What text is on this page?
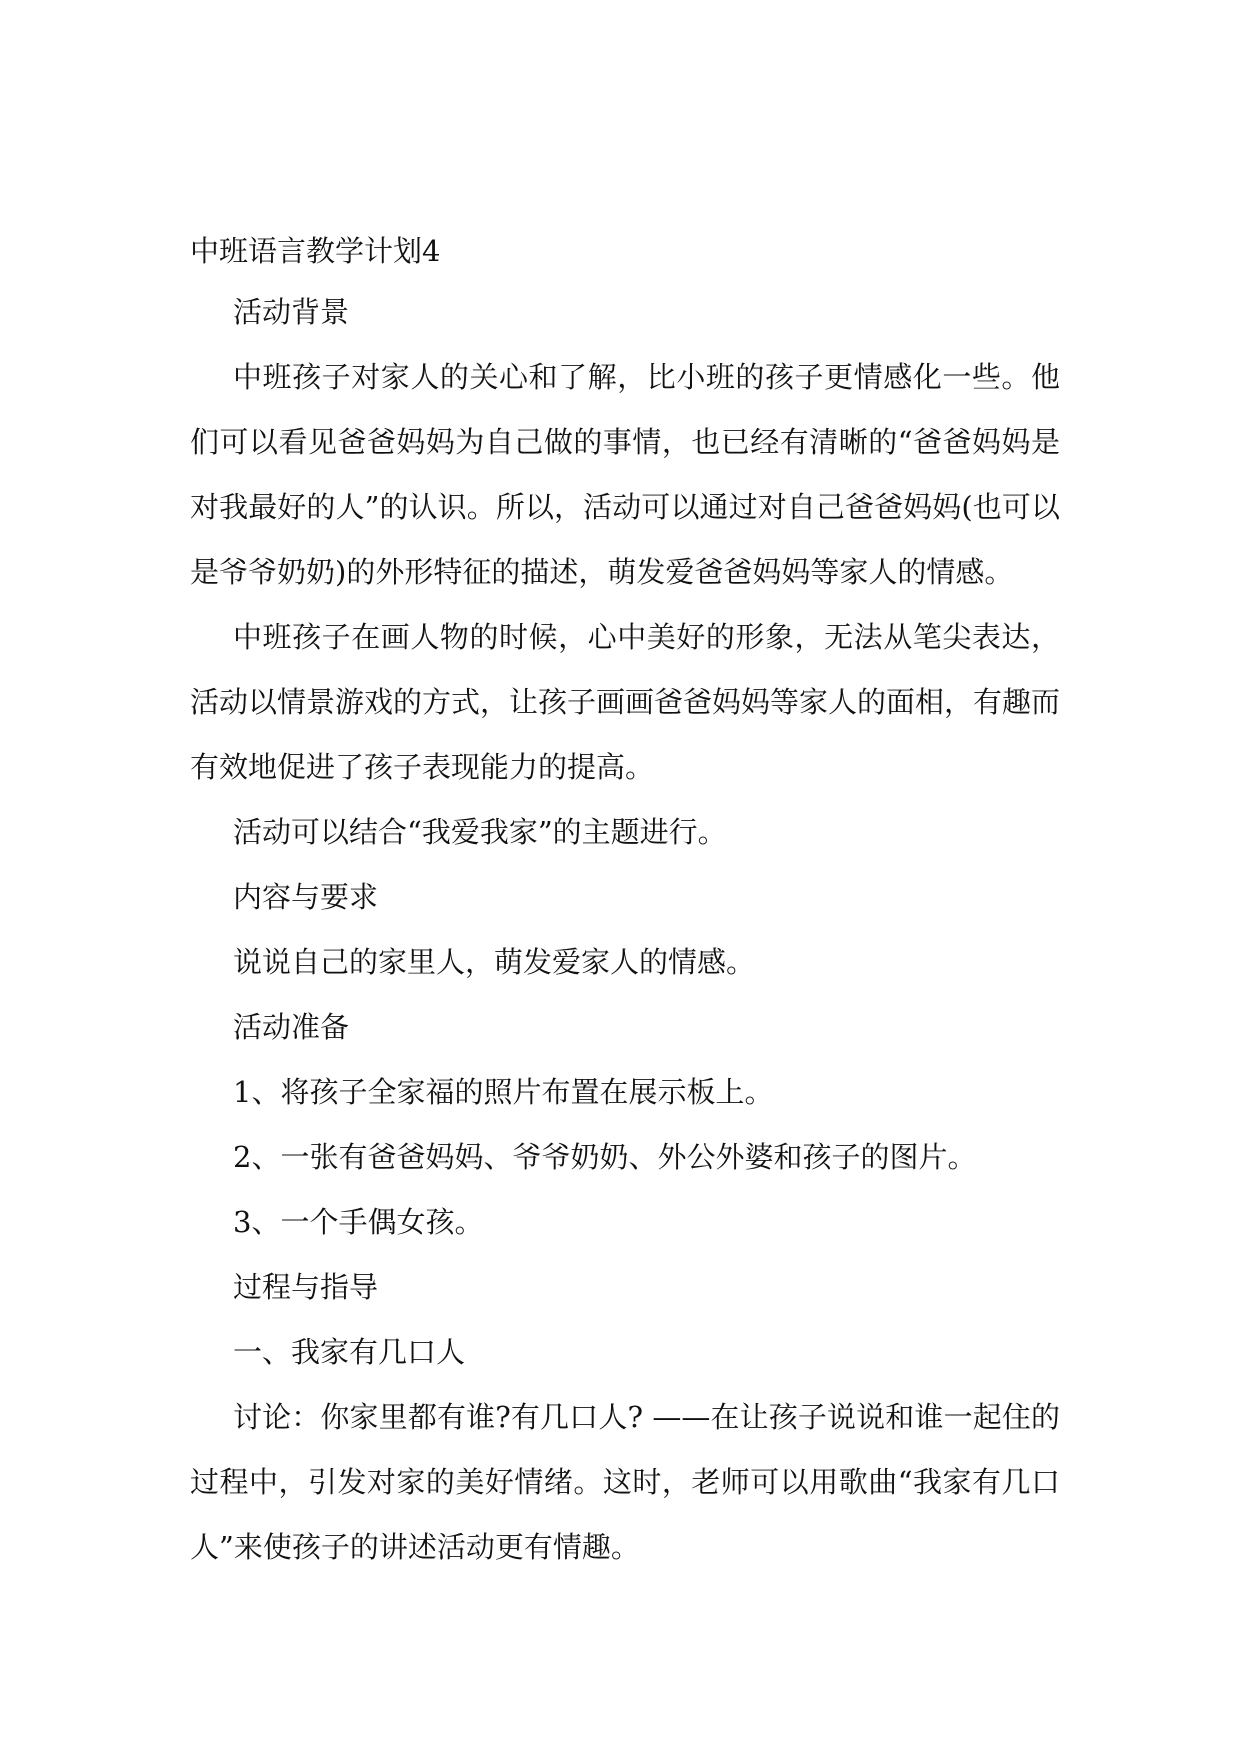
中班语言教学计划4

活动背景

中班孩子对家人的关心和了解，比小班的孩子更情感化一些。他们可以看见爸爸妈妈为自己做的事情，也已经有清晰的“爸爸妈妈是对我最好的人”的认识。所以，活动可以通过对自己爸爸妈妈(也可以是爷爷奶奶)的外形特征的描述，萌发爱爸爸妈妈等家人的情感。

中班孩子在画人物的时候，心中美好的形象，无法从笔尖表达，活动以情景游戏的方式，让孩子画画爸爸妈妈等家人的面相，有趣而有效地促进了孩子表现能力的提高。

活动可以结合“我爱我家”的主题进行。

内容与要求

说说自己的家里人，萌发爱家人的情感。

活动准备

1、将孩子全家福的照片布置在展示板上。

2、一张有爸爸妈妈、爷爷奶奶、外公外婆和孩子的图片。

3、一个手偶女孩。

过程与指导

一、我家有几口人

讨论：你家里都有谁?有几口人? ——在让孩子说说和谁一起住的过程中，引发对家的美好情绪。这时，老师可以用歌曲“我家有几口人”来使孩子的讲述活动更有情趣。
